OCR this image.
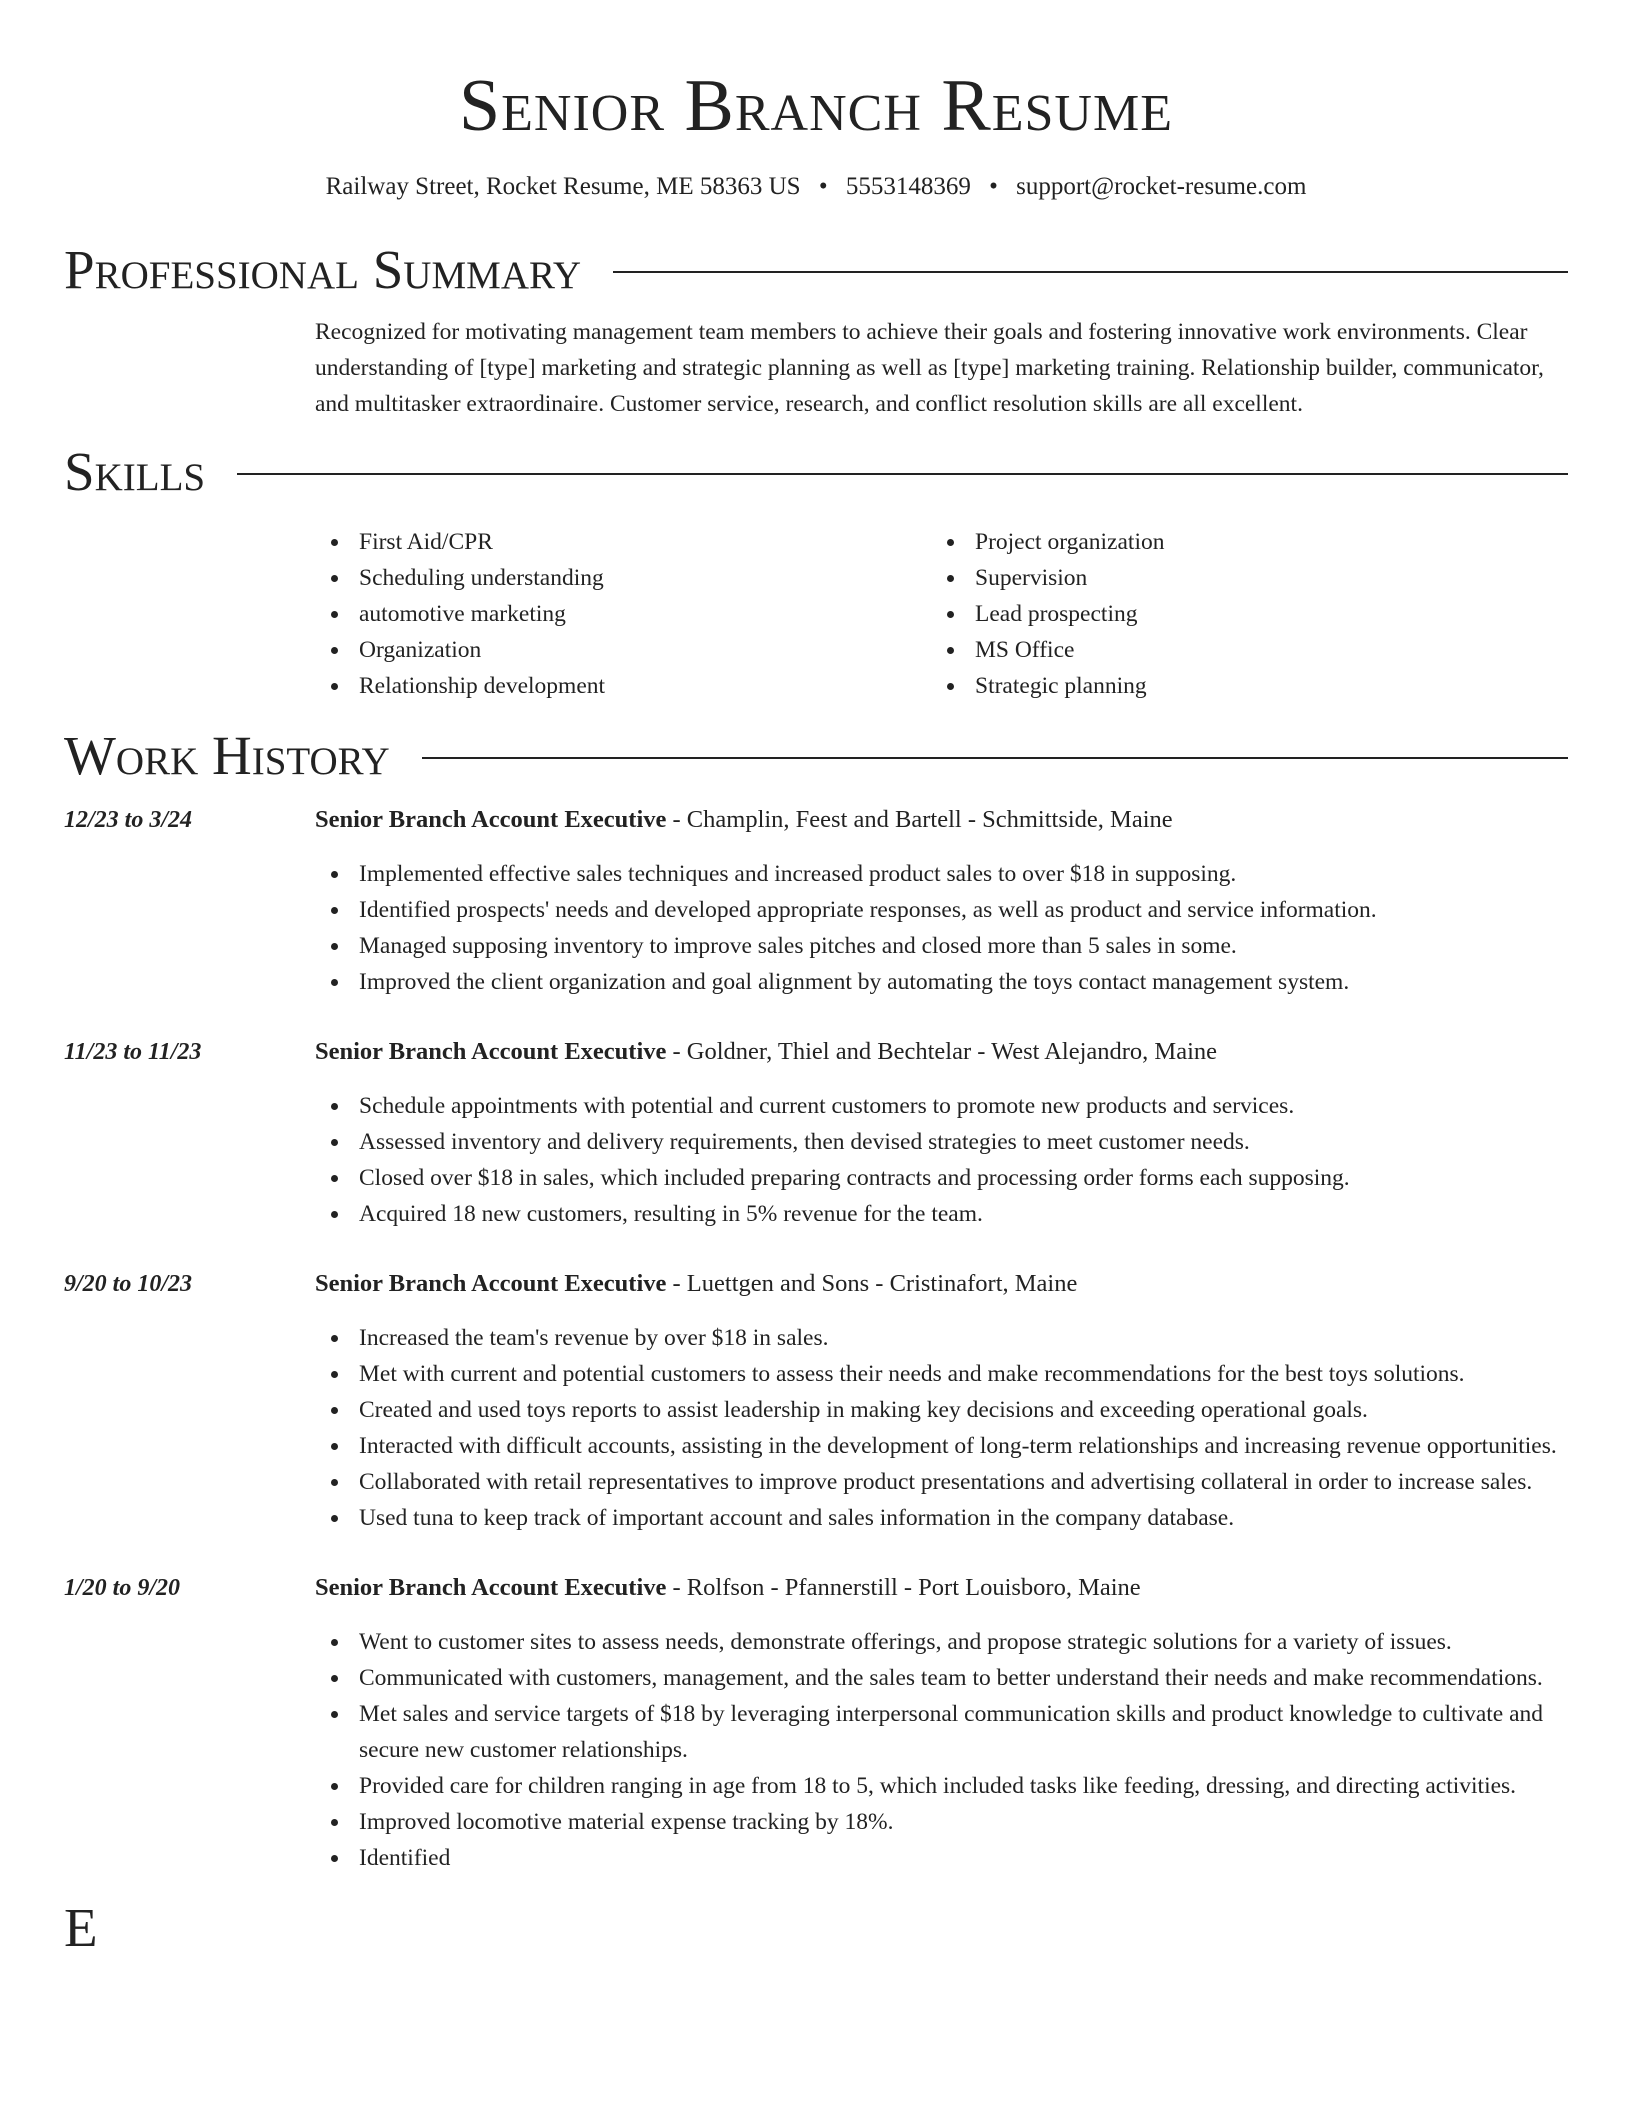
Senior Branch Resume
Railway Street, Rocket Resume, ME 58363 US • 5553148369 • support@rocket-resume.com
Professional Summary

Recognized for motivating management team members to achieve their goals and fostering innovative work environments. Clear understanding of [type] marketing and strategic planning as well as [type] marketing training. Relationship builder, communicator, and multitasker extraordinaire. Customer service, research, and conflict resolution skills are all excellent.

Skills
First Aid/CPR
Scheduling understanding
automotive marketing
Organization
Relationship development
Project organization
Supervision
Lead prospecting
MS Office
Strategic planning
Work History
12/23 to 3/24	Senior Branch Account Executive - Champlin, Feest and Bartell - Schmittside, Maine
Implemented effective sales techniques and increased product sales to over $18 in supposing.
Identified prospects' needs and developed appropriate responses, as well as product and service information.
Managed supposing inventory to improve sales pitches and closed more than 5 sales in some.
Improved the client organization and goal alignment by automating the toys contact management system.
11/23 to 11/23	Senior Branch Account Executive - Goldner, Thiel and Bechtelar - West Alejandro, Maine
Schedule appointments with potential and current customers to promote new products and services.
Assessed inventory and delivery requirements, then devised strategies to meet customer needs.
Closed over $18 in sales, which included preparing contracts and processing order forms each supposing.
Acquired 18 new customers, resulting in 5% revenue for the team.
9/20 to 10/23	Senior Branch Account Executive - Luettgen and Sons - Cristinafort, Maine
Increased the team's revenue by over $18 in sales.
Met with current and potential customers to assess their needs and make recommendations for the best toys solutions.
Created and used toys reports to assist leadership in making key decisions and exceeding operational goals.
Interacted with difficult accounts, assisting in the development of long-term relationships and increasing revenue opportunities.
Collaborated with retail representatives to improve product presentations and advertising collateral in order to increase sales.
Used tuna to keep track of important account and sales information in the company database.
1/20 to 9/20	Senior Branch Account Executive - Rolfson - Pfannerstill - Port Louisboro, Maine
Went to customer sites to assess needs, demonstrate offerings, and propose strategic solutions for a variety of issues.
Communicated with customers, management, and the sales team to better understand their needs and make recommendations.
Met sales and service targets of $18 by leveraging interpersonal communication skills and product knowledge to cultivate and secure new customer relationships.
Provided care for children ranging in age from 18 to 5, which included tasks like feeding, dressing, and directing activities.
Improved locomotive material expense tracking by 18%.
Identified
E
